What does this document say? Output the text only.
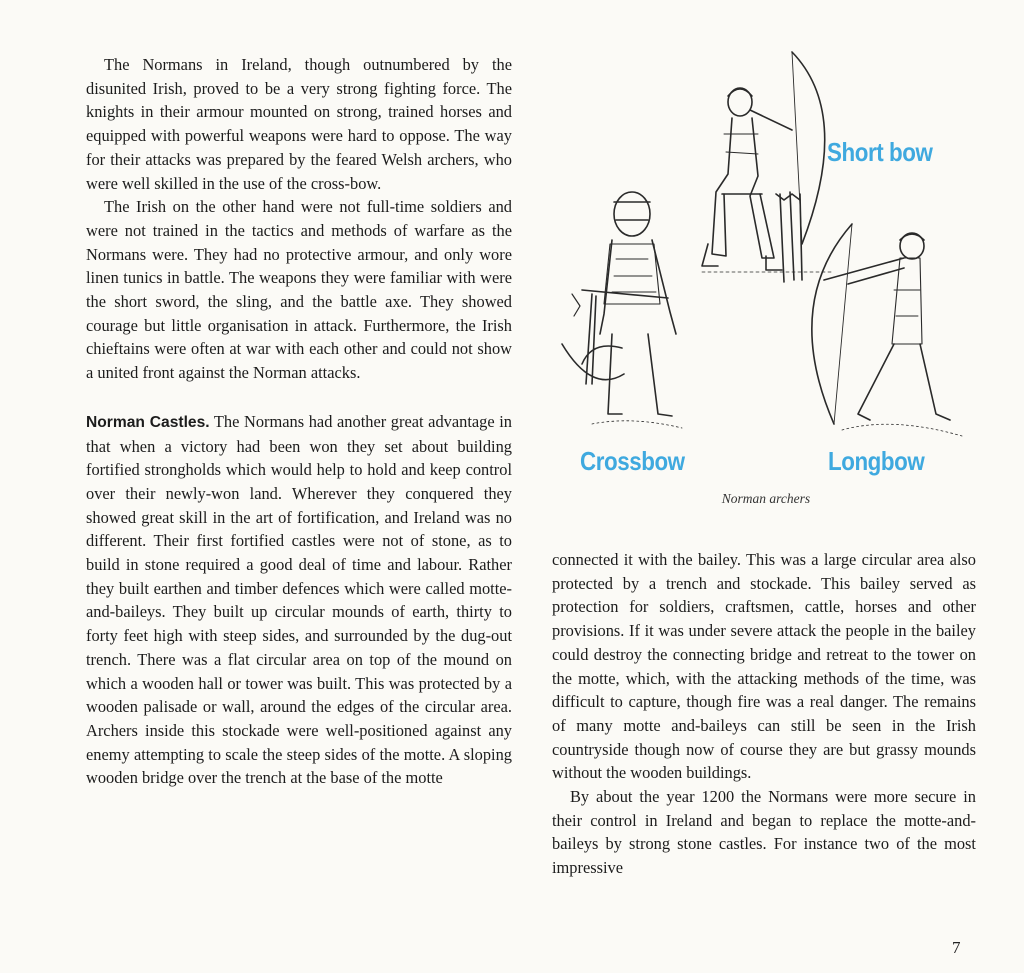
The Normans in Ireland, though outnumbered by the disunited Irish, proved to be a very strong fighting force. The knights in their armour mounted on strong, trained horses and equipped with powerful weapons were hard to oppose. The way for their attacks was prepared by the feared Welsh archers, who were well skilled in the use of the cross-bow.

The Irish on the other hand were not full-time soldiers and were not trained in the tactics and methods of warfare as the Normans were. They had no protective armour, and only wore linen tunics in battle. The weapons they were familiar with were the short sword, the sling, and the battle axe. They showed courage but little organisation in attack. Furthermore, the Irish chieftains were often at war with each other and could not show a united front against the Norman attacks.

Norman Castles. The Normans had another great advantage in that when a victory had been won they set about building fortified strongholds which would help to hold and keep control over their newly-won land. Wherever they conquered they showed great skill in the art of fortification, and Ireland was no different. Their first fortified castles were not of stone, as to build in stone required a good deal of time and labour. Rather they built earthen and timber defences which were called motte-and-baileys. They built up circular mounds of earth, thirty to forty feet high with steep sides, and surrounded by the dug-out trench. There was a flat circular area on top of the mound on which a wooden hall or tower was built. This was protected by a wooden palisade or wall, around the edges of the circular area. Archers inside this stockade were well-positioned against any enemy attempting to scale the steep sides of the motte. A sloping wooden bridge over the trench at the base of the motte

Short bow
Crossbow	Longbow
Norman archers

connected it with the bailey. This was a large circular area also protected by a trench and stockade. This bailey served as protection for soldiers, craftsmen, cattle, horses and other provisions. If it was under severe attack the people in the bailey could destroy the connecting bridge and retreat to the tower on the motte, which, with the attacking methods of the time, was difficult to capture, though fire was a real danger. The remains of many motte and-baileys can still be seen in the Irish countryside though now of course they are but grassy mounds without the wooden buildings.

By about the year 1200 the Normans were more secure in their control in Ireland and began to replace the motte-and-baileys by strong stone castles. For instance two of the most impressive

7
